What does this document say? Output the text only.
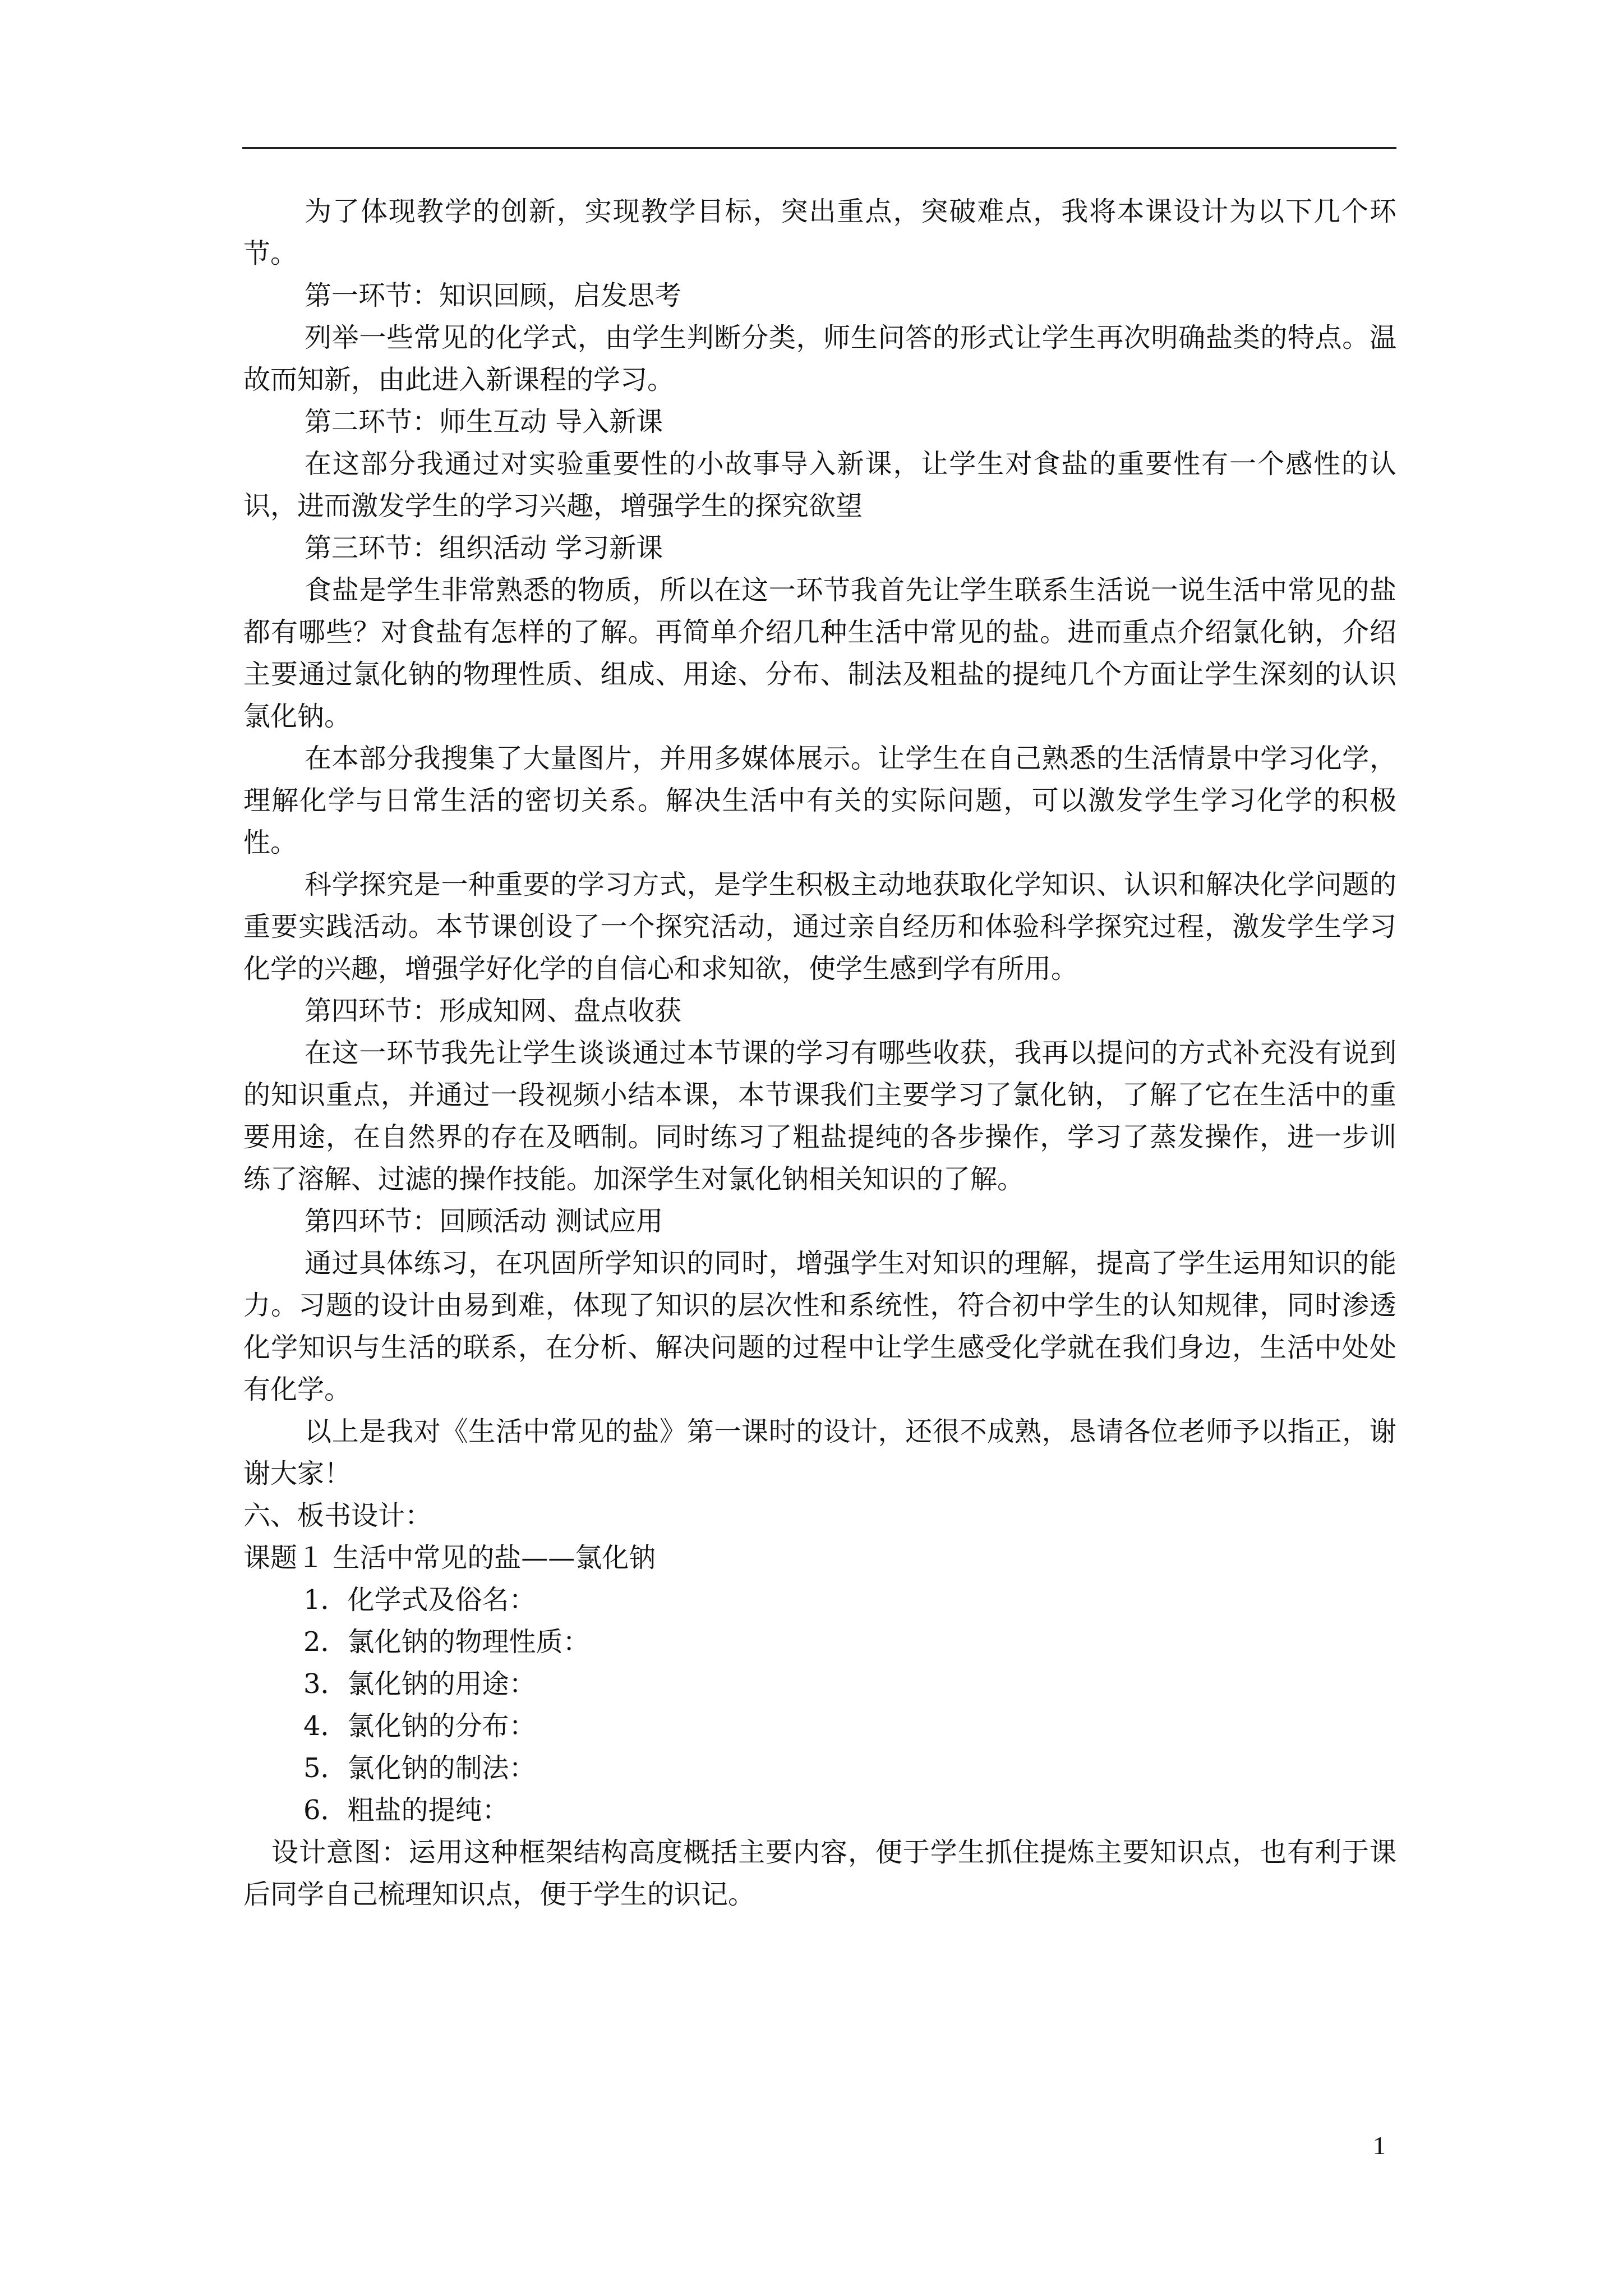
为了体现教学的创新，实现教学目标，突出重点，突破难点，我将本课设计为以下几个环节。

第一环节：知识回顾，启发思考

列举一些常见的化学式，由学生判断分类，师生问答的形式让学生再次明确盐类的特点。温故而知新，由此进入新课程的学习。

第二环节：师生互动 导入新课

在这部分我通过对实验重要性的小故事导入新课，让学生对食盐的重要性有一个感性的认识，进而激发学生的学习兴趣，增强学生的探究欲望

第三环节：组织活动 学习新课

食盐是学生非常熟悉的物质，所以在这一环节我首先让学生联系生活说一说生活中常见的盐都有哪些？对食盐有怎样的了解。再简单介绍几种生活中常见的盐。进而重点介绍氯化钠，介绍主要通过氯化钠的物理性质、组成、用途、分布、制法及粗盐的提纯几个方面让学生深刻的认识氯化钠。

在本部分我搜集了大量图片，并用多媒体展示。让学生在自己熟悉的生活情景中学习化学，理解化学与日常生活的密切关系。解决生活中有关的实际问题，可以激发学生学习化学的积极性。

科学探究是一种重要的学习方式，是学生积极主动地获取化学知识、认识和解决化学问题的重要实践活动。本节课创设了一个探究活动，通过亲自经历和体验科学探究过程，激发学生学习化学的兴趣，增强学好化学的自信心和求知欲，使学生感到学有所用。

第四环节：形成知网、盘点收获

在这一环节我先让学生谈谈通过本节课的学习有哪些收获，我再以提问的方式补充没有说到的知识重点，并通过一段视频小结本课，本节课我们主要学习了氯化钠，了解了它在生活中的重要用途，在自然界的存在及晒制。同时练习了粗盐提纯的各步操作，学习了蒸发操作，进一步训练了溶解、过滤的操作技能。加深学生对氯化钠相关知识的了解。

第四环节：回顾活动 测试应用

通过具体练习，在巩固所学知识的同时，增强学生对知识的理解，提高了学生运用知识的能力。习题的设计由易到难，体现了知识的层次性和系统性，符合初中学生的认知规律，同时渗透化学知识与生活的联系，在分析、解决问题的过程中让学生感受化学就在我们身边，生活中处处有化学。

以上是我对《生活中常见的盐》第一课时的设计，还很不成熟，恳请各位老师予以指正，谢谢大家！

六、板书设计：

课题１ 生活中常见的盐——氯化钠

1．化学式及俗名：

2．氯化钠的物理性质：

3．氯化钠的用途：

4．氯化钠的分布：

5．氯化钠的制法：

6．粗盐的提纯：

设计意图：运用这种框架结构高度概括主要内容，便于学生抓住提炼主要知识点，也有利于课后同学自己梳理知识点，便于学生的识记。

1
